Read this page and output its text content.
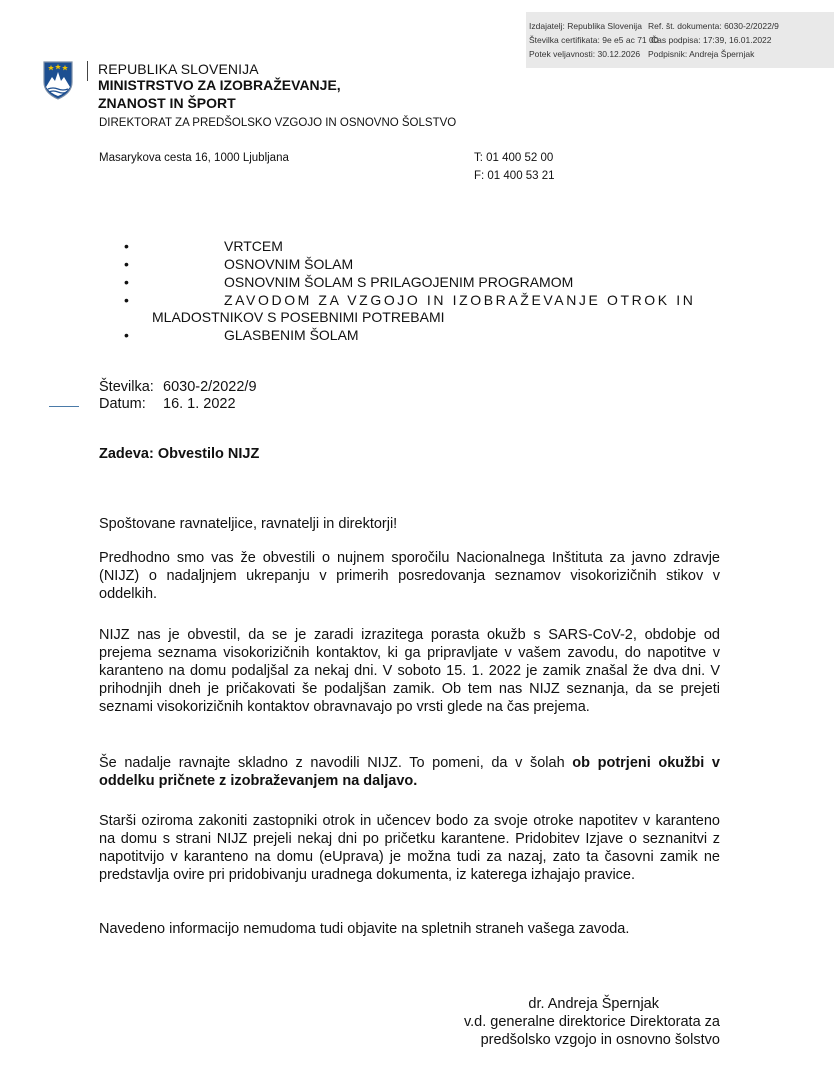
Izdajatelj: Republika Slovenija Ref. št. dokumenta: 6030-2/2022/9
Številka certifikata: 9e e5 ac 71 00
Čas podpisa: 17:39, 16.01.2022
Potek veljavnosti: 30.12.2026 Podpisnik: Andreja Špernjak
REPUBLIKA SLOVENIJA
MINISTRSTVO ZA IZOBRAŽEVANJE,
ZNANOST IN ŠPORT
DIREKTORAT ZA PREDŠOLSKO VZGOJO IN OSNOVNO ŠOLSTVO
Masarykova cesta 16, 1000 Ljubljana	T: 01 400 52 00
F: 01 400 53 21
•	VRTCEM
•	OSNOVNIM ŠOLAM
•	OSNOVNIM ŠOLAM S PRILAGOJENIM PROGRAMOM
•	ZAVODOM ZA VZGOJO IN IZOBRAŽEVANJE OTROK IN
MLADOSTNIKOV S POSEBNIMI POTREBAMI
•	GLASBENIM ŠOLAM
Številka: 6030-2/2022/9
Datum: 16. 1. 2022
Zadeva: Obvestilo NIJZ
Spoštovane ravnateljice, ravnatelji in direktorji!
Predhodno smo vas že obvestili o nujnem sporočilu Nacionalnega Inštituta za javno zdravje (NIJZ) o nadaljnjem ukrepanju v primerih posredovanja seznamov visokorizičnih stikov v oddelkih.
NIJZ nas je obvestil, da se je zaradi izrazitega porasta okužb s SARS-CoV-2, obdobje od prejema seznama visokorizičnih kontaktov, ki ga pripravljate v vašem zavodu, do napotitve v karanteno na domu podaljšal za nekaj dni. V soboto 15. 1. 2022 je zamik znašal že dva dni. V prihodnjih dneh je pričakovati še podaljšan zamik. Ob tem nas NIJZ seznanja, da se prejeti seznami visokorizičnih kontaktov obravnavajo po vrsti glede na čas prejema.
Še nadalje ravnajte skladno z navodili NIJZ. To pomeni, da v šolah ob potrjeni okužbi v oddelku pričnete z izobraževanjem na daljavo.
Starši oziroma zakoniti zastopniki otrok in učencev bodo za svoje otroke napotitev v karanteno na domu s strani NIJZ prejeli nekaj dni po pričetku karantene. Pridobitev Izjave o seznanitvi z napotitvijo v karanteno na domu (eUprava) je možna tudi za nazaj, zato ta časovni zamik ne predstavlja ovire pri pridobivanju uradnega dokumenta, iz katerega izhajajo pravice.
Navedeno informacijo nemudoma tudi objavite na spletnih straneh vašega zavoda.
dr. Andreja Špernjak
v.d. generalne direktorice Direktorata za
predšolsko vzgojo in osnovno šolstvo
